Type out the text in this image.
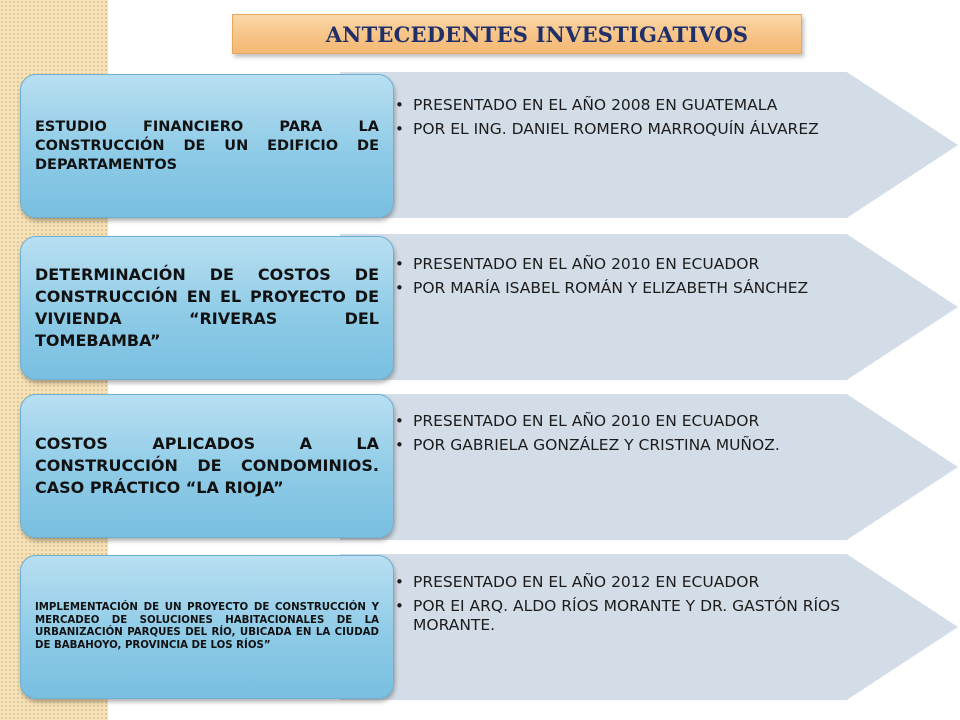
ANTECEDENTES INVESTIGATIVOS
• PRESENTADO EN EL AÑO 2008 EN GUATEMALA
• POR EL ING. DANIEL ROMERO MARROQUÍN ÁLVAREZ
ESTUDIO FINANCIERO PARA LA CONSTRUCCIÓN DE UN EDIFICIO DE DEPARTAMENTOS
• PRESENTADO EN EL AÑO 2010 EN ECUADOR
• POR MARÍA ISABEL ROMÁN Y ELIZABETH SÁNCHEZ
DETERMINACIÓN DE COSTOS DE CONSTRUCCIÓN EN EL PROYECTO DE VIVIENDA “RIVERAS DEL TOMEBAMBA”
• PRESENTADO EN EL AÑO 2010 EN ECUADOR
• POR GABRIELA GONZÁLEZ Y CRISTINA MUÑOZ.
COSTOS APLICADOS A LA CONSTRUCCIÓN DE CONDOMINIOS. CASO PRÁCTICO “LA RIOJA”
• PRESENTADO EN EL AÑO 2012 EN ECUADOR
• POR EI ARQ. ALDO RÍOS MORANTE Y DR. GASTÓN RÍOS MORANTE.
IMPLEMENTACIÓN DE UN PROYECTO DE CONSTRUCCIÓN Y MERCADEO DE SOLUCIONES HABITACIONALES DE LA URBANIZACIÓN PARQUES DEL RÍO, UBICADA EN LA CIUDAD DE BABAHOYO, PROVINCIA DE LOS RÍOS”
